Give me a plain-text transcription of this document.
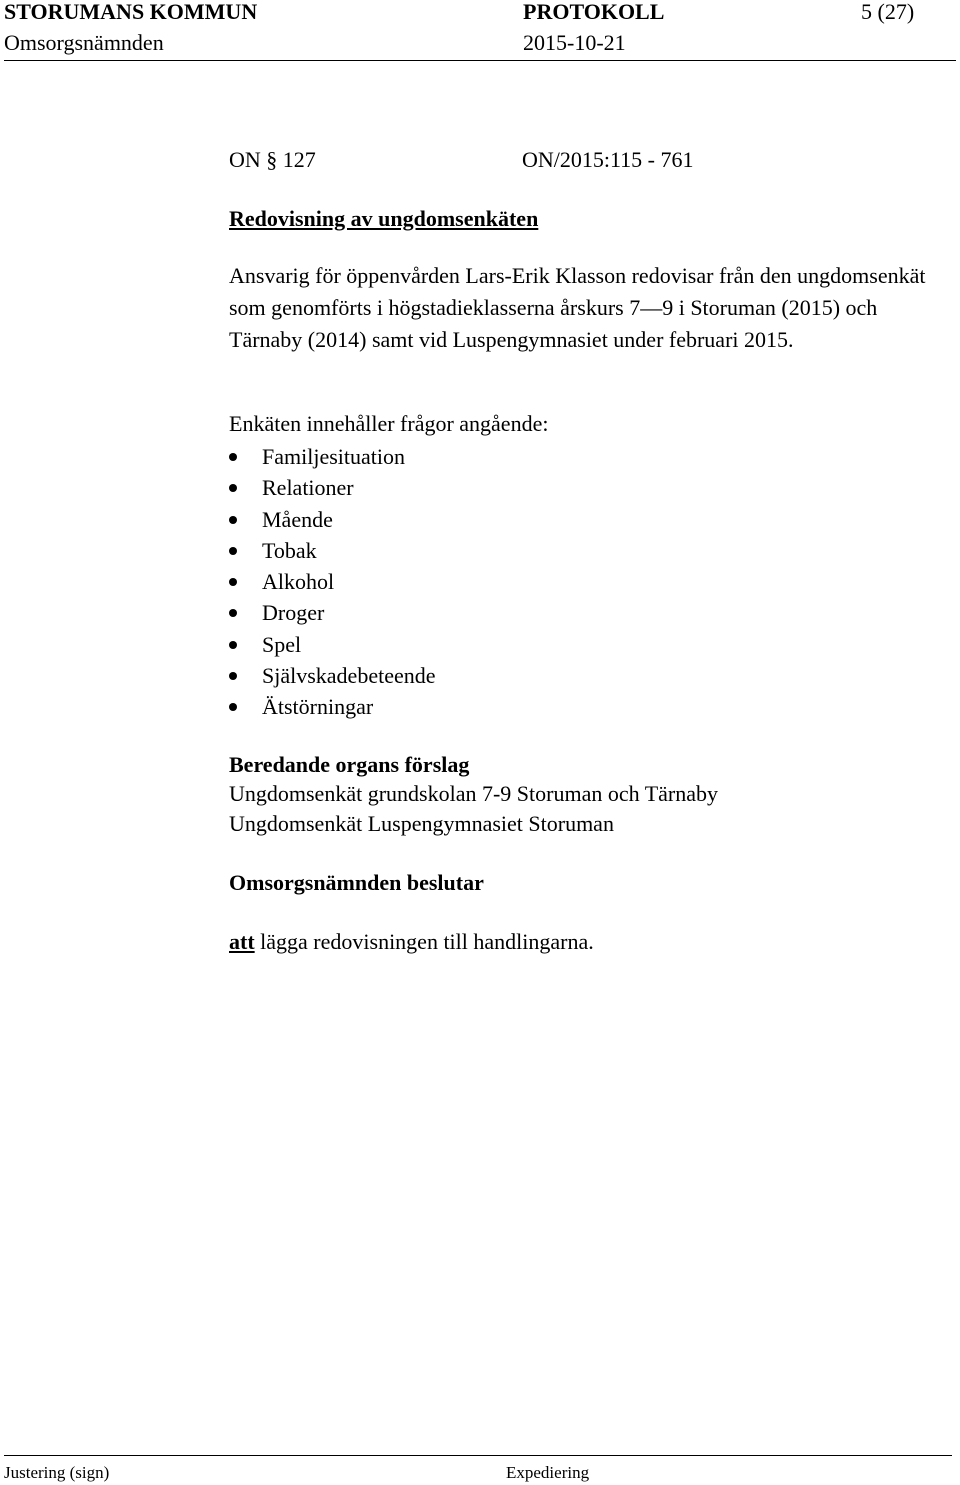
STORUMANS KOMMUN	PROTOKOLL	5 (27)
Omsorgsnämnden	2015-10-21
ON § 127	ON/2015:115 - 761
Redovisning av ungdomsenkäten
Ansvarig för öppenvården Lars-Erik Klasson redovisar från den ungdomsenkät som genomförts i högstadieklasserna årskurs 7—9 i Storuman (2015) och Tärnaby (2014) samt vid Luspengymnasiet under februari 2015.
Enkäten innehåller frågor angående:
Familjesituation
Relationer
Mående
Tobak
Alkohol
Droger
Spel
Självskadebeteende
Ätstörningar
Beredande organs förslag
Ungdomsenkät grundskolan 7-9 Storuman och Tärnaby
Ungdomsenkät Luspengymnasiet Storuman
Omsorgsnämnden beslutar
att lägga redovisningen till handlingarna.
Justering (sign)	Expediering
